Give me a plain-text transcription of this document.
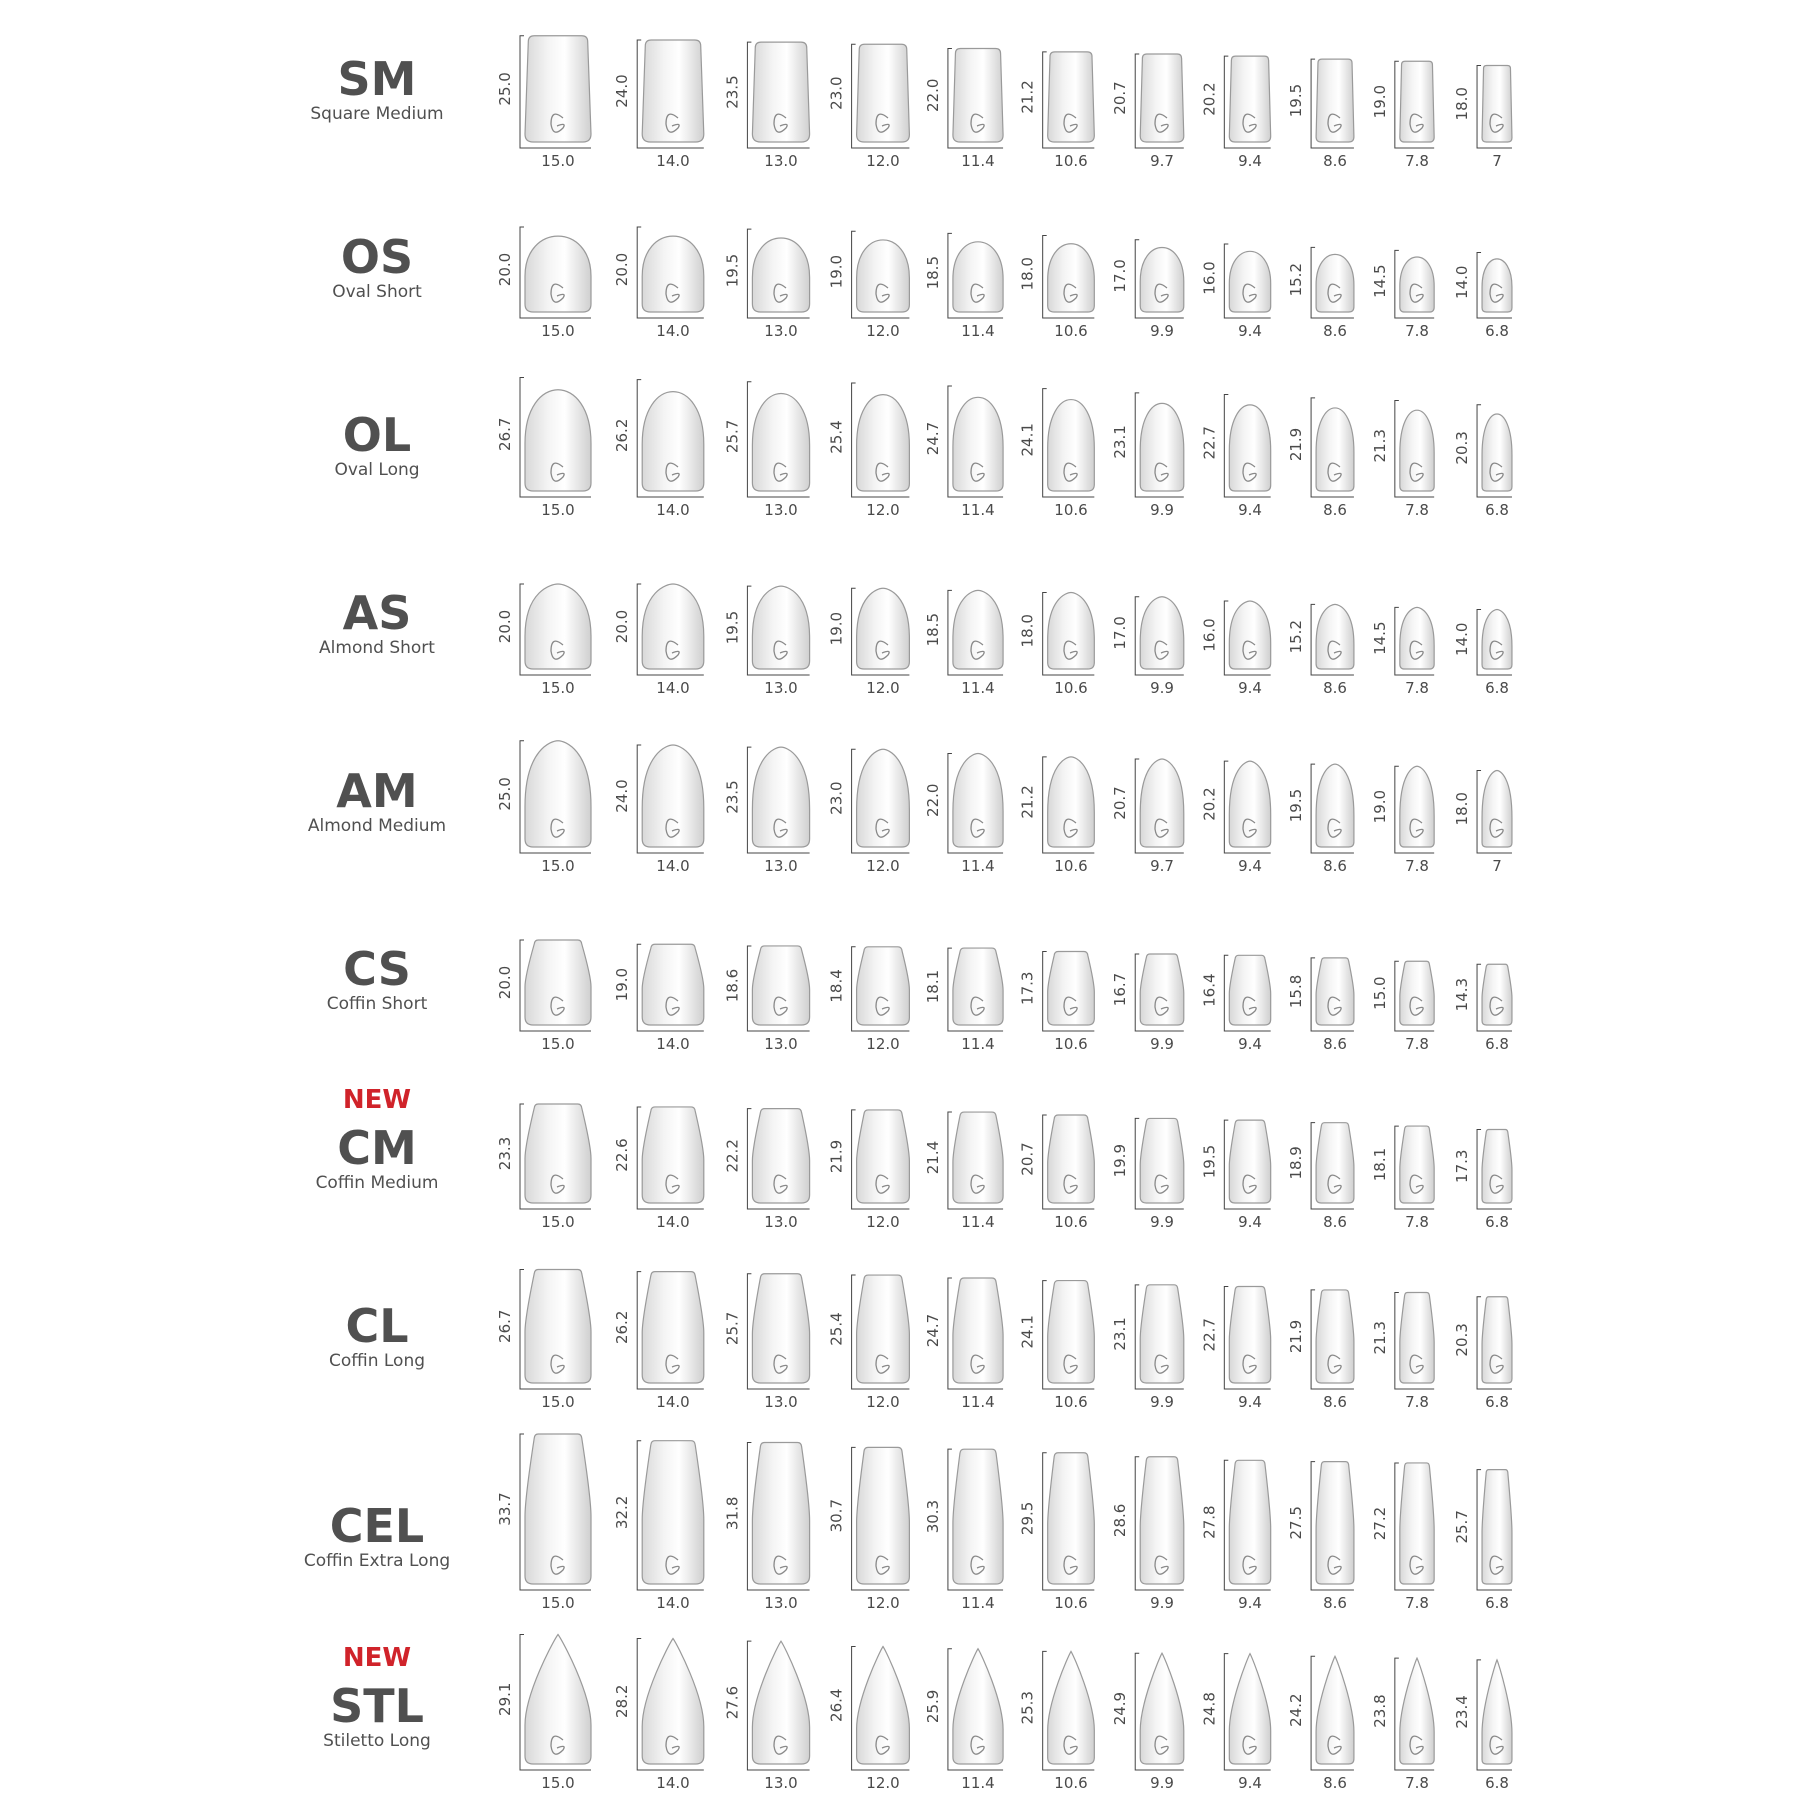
SM
Square Medium
25.0
15.0
24.0
14.0
23.5
13.0
23.0
12.0
22.0
11.4
21.2
10.6
20.7
9.7
20.2
9.4
19.5
8.6
19.0
7.8
18.0
7
OS
Oval Short
20.0
15.0
20.0
14.0
19.5
13.0
19.0
12.0
18.5
11.4
18.0
10.6
17.0
9.9
16.0
9.4
15.2
8.6
14.5
7.8
14.0
6.8
OL
Oval Long
26.7
15.0
26.2
14.0
25.7
13.0
25.4
12.0
24.7
11.4
24.1
10.6
23.1
9.9
22.7
9.4
21.9
8.6
21.3
7.8
20.3
6.8
AS
Almond Short
20.0
15.0
20.0
14.0
19.5
13.0
19.0
12.0
18.5
11.4
18.0
10.6
17.0
9.9
16.0
9.4
15.2
8.6
14.5
7.8
14.0
6.8
AM
Almond Medium
25.0
15.0
24.0
14.0
23.5
13.0
23.0
12.0
22.0
11.4
21.2
10.6
20.7
9.7
20.2
9.4
19.5
8.6
19.0
7.8
18.0
7
CS
Coffin Short
20.0
15.0
19.0
14.0
18.6
13.0
18.4
12.0
18.1
11.4
17.3
10.6
16.7
9.9
16.4
9.4
15.8
8.6
15.0
7.8
14.3
6.8
NEW
CM
Coffin Medium
23.3
15.0
22.6
14.0
22.2
13.0
21.9
12.0
21.4
11.4
20.7
10.6
19.9
9.9
19.5
9.4
18.9
8.6
18.1
7.8
17.3
6.8
CL
Coffin Long
26.7
15.0
26.2
14.0
25.7
13.0
25.4
12.0
24.7
11.4
24.1
10.6
23.1
9.9
22.7
9.4
21.9
8.6
21.3
7.8
20.3
6.8
CEL
Coffin Extra Long
33.7
15.0
32.2
14.0
31.8
13.0
30.7
12.0
30.3
11.4
29.5
10.6
28.6
9.9
27.8
9.4
27.5
8.6
27.2
7.8
25.7
6.8
NEW
STL
Stiletto Long
29.1
15.0
28.2
14.0
27.6
13.0
26.4
12.0
25.9
11.4
25.3
10.6
24.9
9.9
24.8
9.4
24.2
8.6
23.8
7.8
23.4
6.8
